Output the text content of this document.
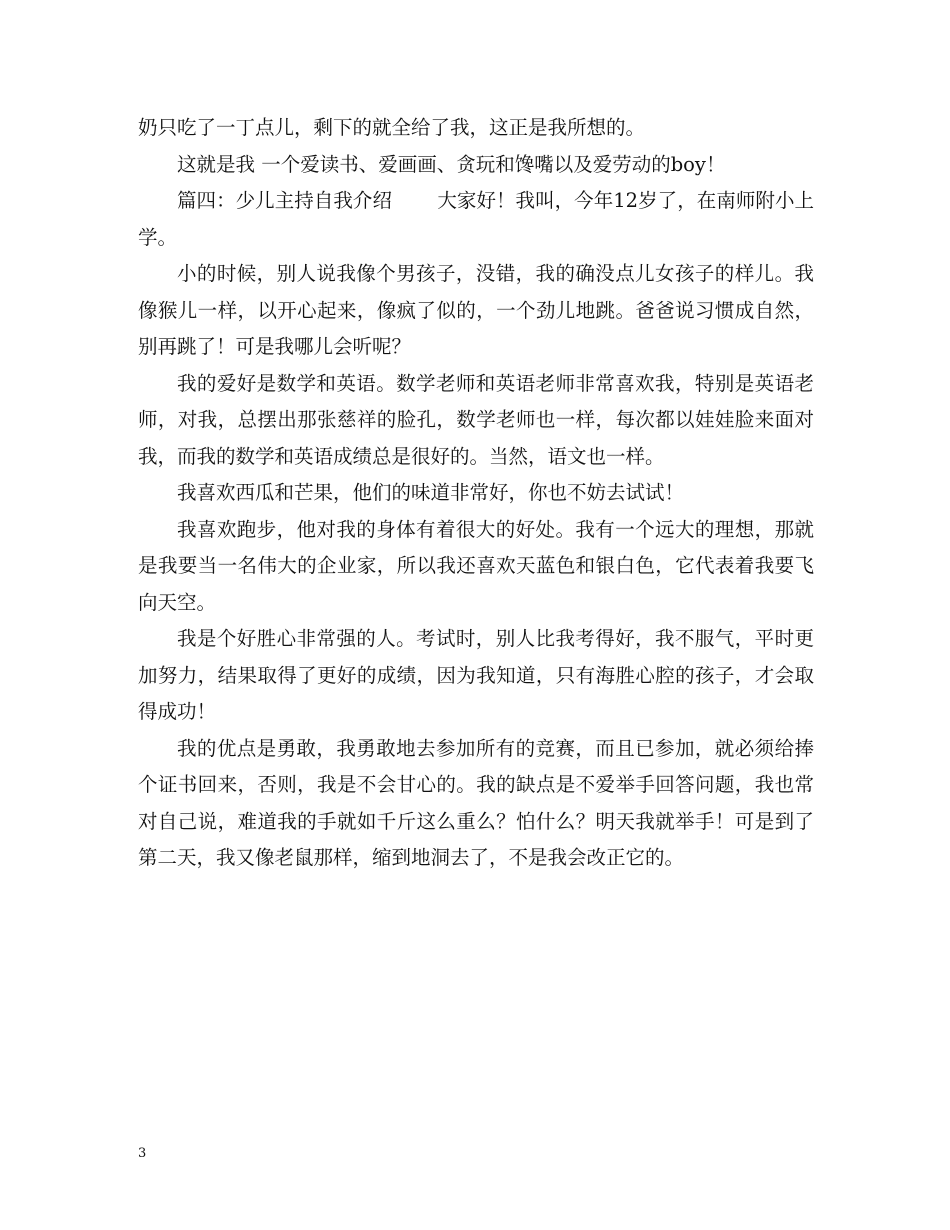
奶只吃了一丁点儿，剩下的就全给了我，这正是我所想的。

这就是我 一个爱读书、爱画画、贪玩和馋嘴以及爱劳动的boy！

篇四：少儿主持自我介绍　　 大家好！我叫，今年12岁了，在南师附小上学。

小的时候，别人说我像个男孩子，没错，我的确没点儿女孩子的样儿。我像猴儿一样，以开心起来，像疯了似的，一个劲儿地跳。爸爸说习惯成自然，别再跳了！可是我哪儿会听呢？

我的爱好是数学和英语。数学老师和英语老师非常喜欢我，特别是英语老师，对我，总摆出那张慈祥的脸孔，数学老师也一样，每次都以娃娃脸来面对我，而我的数学和英语成绩总是很好的。当然，语文也一样。

我喜欢西瓜和芒果，他们的味道非常好，你也不妨去试试！

我喜欢跑步，他对我的身体有着很大的好处。我有一个远大的理想，那就是我要当一名伟大的企业家，所以我还喜欢天蓝色和银白色，它代表着我要飞向天空。

我是个好胜心非常强的人。考试时，别人比我考得好，我不服气，平时更加努力，结果取得了更好的成绩，因为我知道，只有海胜心腔的孩子，才会取得成功！

我的优点是勇敢，我勇敢地去参加所有的竞赛，而且已参加，就必须给捧个证书回来，否则，我是不会甘心的。我的缺点是不爱举手回答问题，我也常对自己说，难道我的手就如千斤这么重么？怕什么？明天我就举手！可是到了第二天，我又像老鼠那样，缩到地洞去了，不是我会改正它的。

3
